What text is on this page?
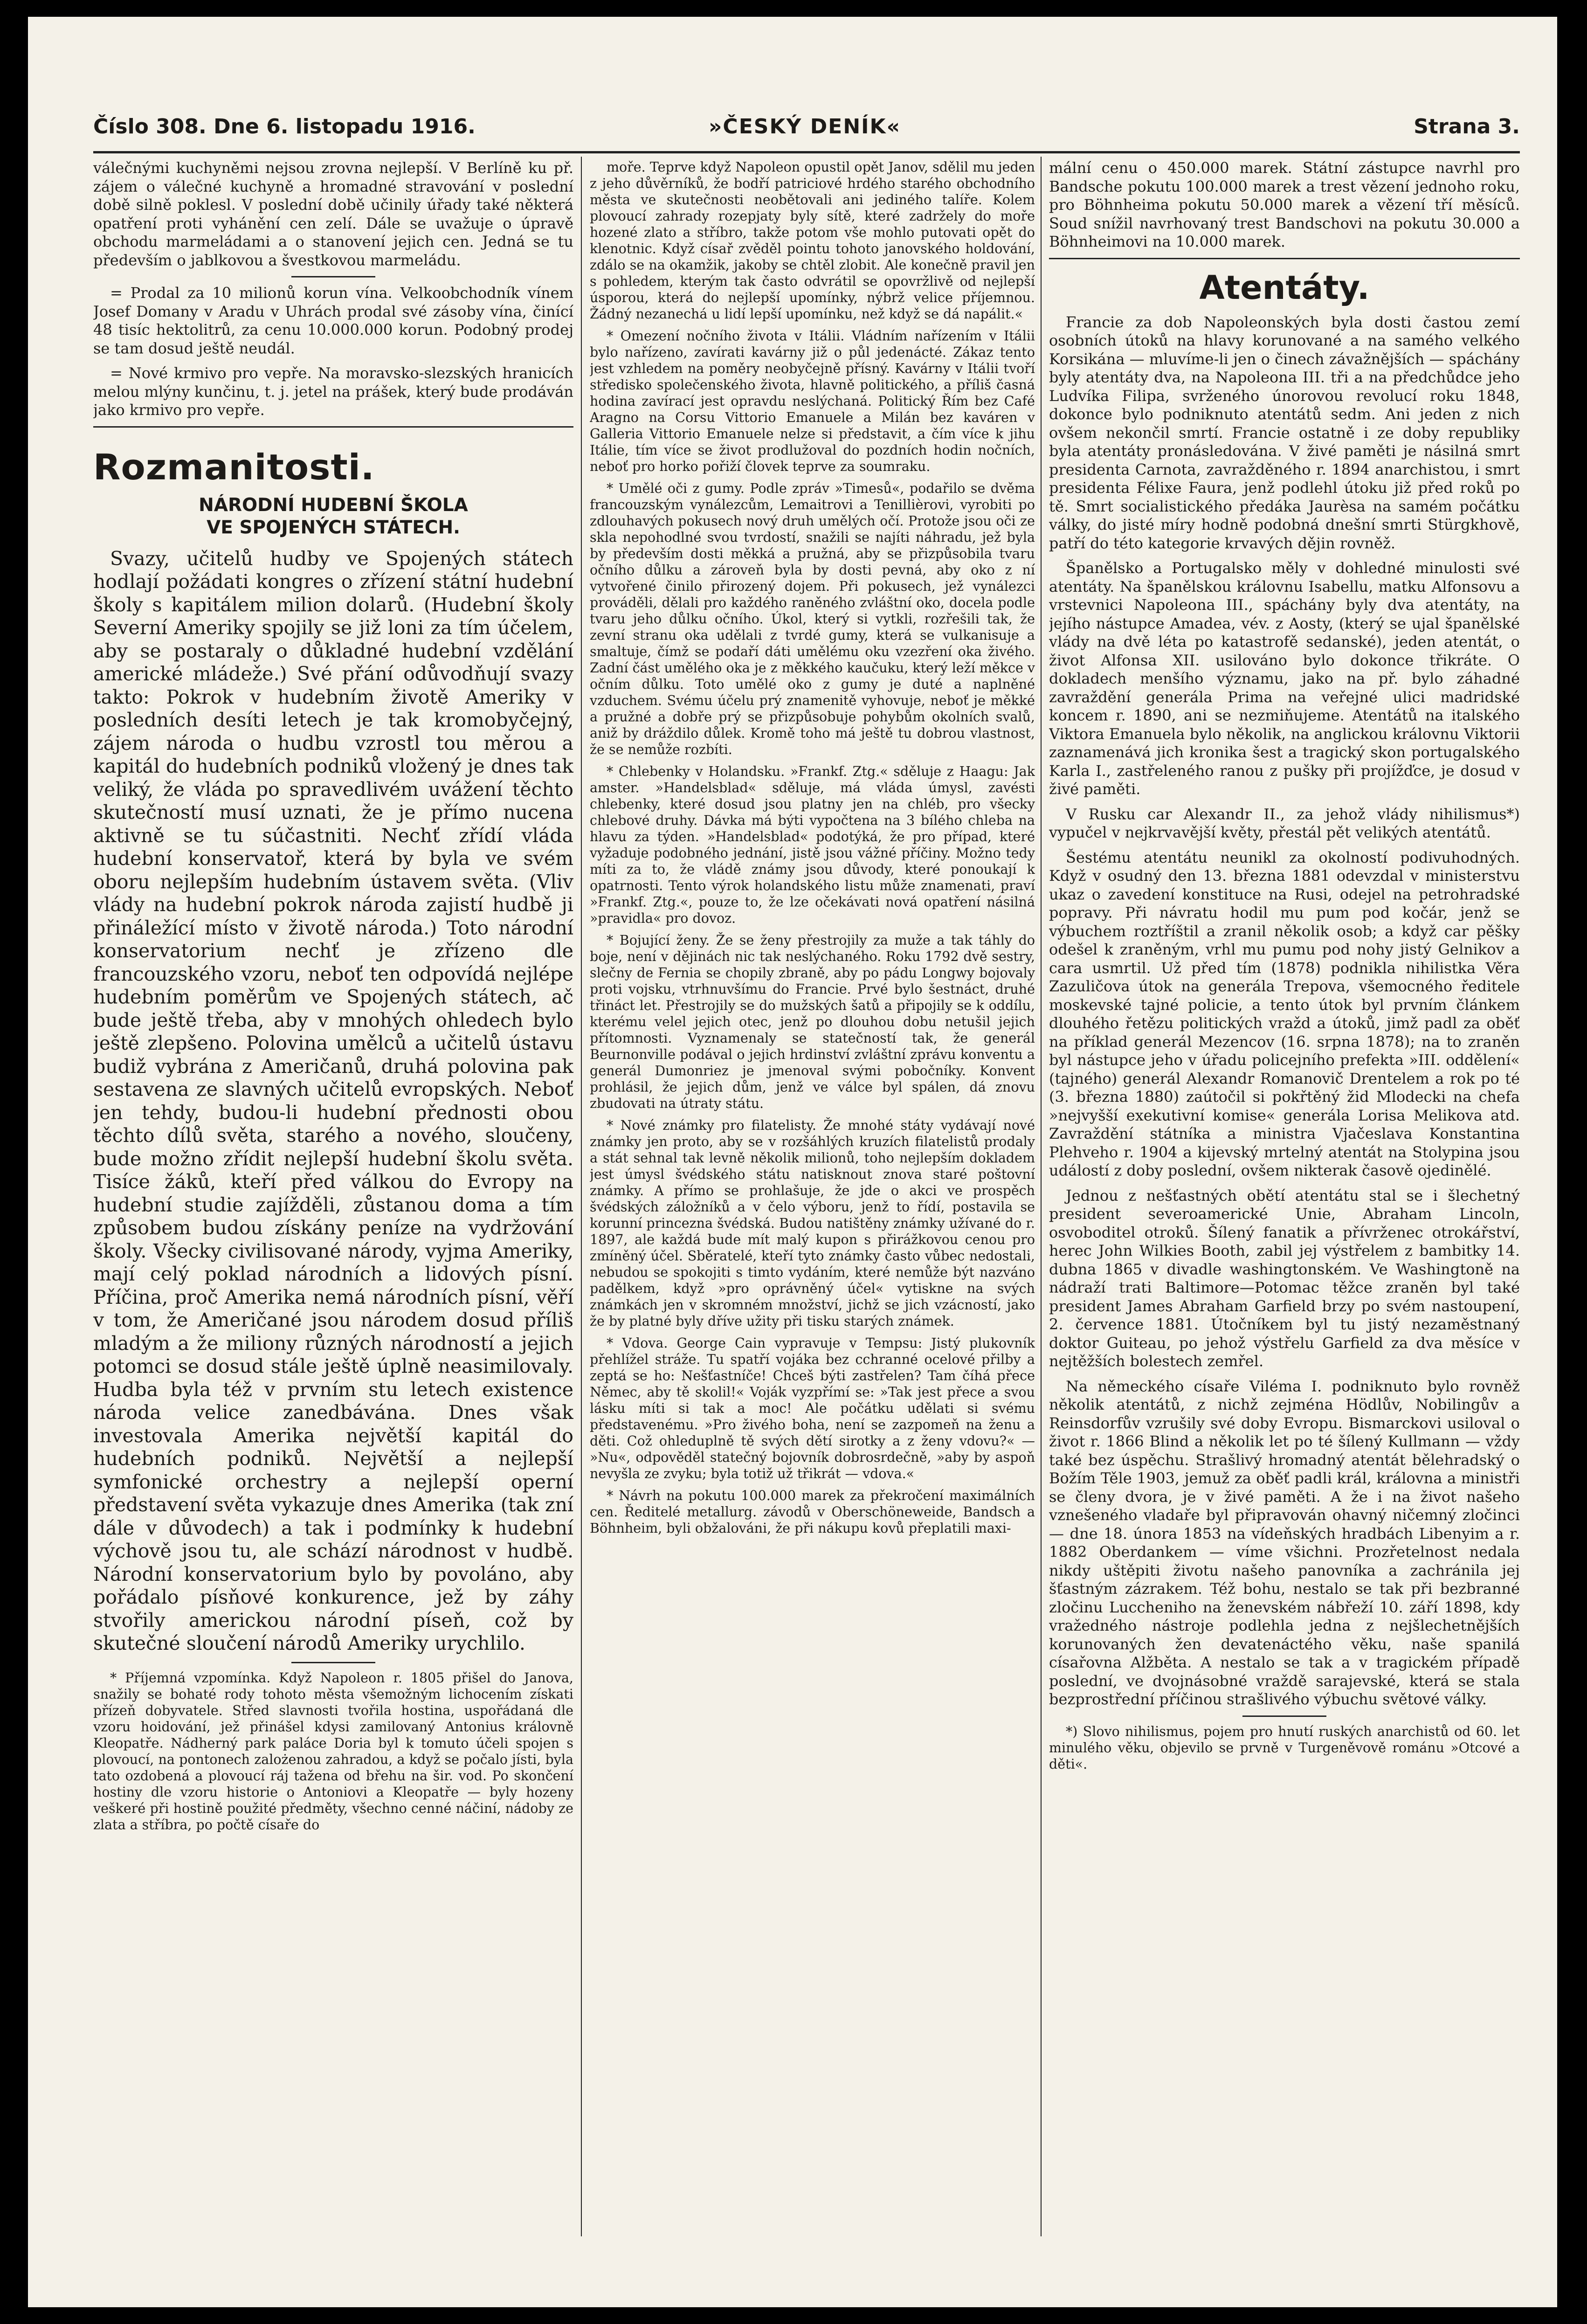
Číslo 308. Dne 6. listopadu 1916.	»ČESKÝ DENÍK«	Strana 3.

válečnými kuchyněmi nejsou zrovna nejlepší. V Berlíně ku př. zájem o válečné kuchyně a hromadné stravování v poslední době silně poklesl. V poslední době učinily úřady také některá opatření proti vyhánění cen zelí. Dále se uvažuje o úpravě obchodu marmeládami a o stanovení jejich cen. Jedná se tu především o jablkovou a švestkovou marmeládu.

= Prodal za 10 milionů korun vína. Velkoobchodník vínem Josef Domany v Aradu v Uhrách prodal své zásoby vína, činící 48 tisíc hektolitrů, za cenu 10.000.000 korun. Podobný prodej se tam dosud ještě neudál.

= Nové krmivo pro vepře. Na moravsko-slezských hranicích melou mlýny kunčinu, t. j. jetel na prášek, který bude prodáván jako krmivo pro vepře.

Rozmanitosti.
NÁRODNÍ HUDEBNÍ ŠKOLA
VE SPOJENÝCH STÁTECH.

Svazy, učitelů hudby ve Spojených státech hodlají požádati kongres o zřízení státní hudební školy s kapitálem milion dolarů. (Hudební školy Severní Ameriky spojily se již loni za tím účelem, aby se postaraly o důkladné hudební vzdělání americké mládeže.) Své přání odůvodňují svazy takto: Pokrok v hudebním životě Ameriky v posledních desíti letech je tak kromobyčejný, zájem národa o hudbu vzrostl tou měrou a kapitál do hudebních podniků vložený je dnes tak veliký, že vláda po spravedlivém uvážení těchto skutečností musí uznati, že je přímo nucena aktivně se tu súčastniti. Nechť zřídí vláda hudební konservatoř, která by byla ve svém oboru nejlepším hudebním ústavem světa. (Vliv vlády na hudební pokrok národa zajistí hudbě ji přináležící místo v životě národa.) Toto národní konservatorium nechť je zřízeno dle francouzského vzoru, neboť ten odpovídá nejlépe hudebním poměrům ve Spojených státech, ač bude ještě třeba, aby v mnohých ohledech bylo ještě zlepšeno. Polovina umělců a učitelů ústavu budiž vybrána z Američanů, druhá polovina pak sestavena ze slavných učitelů evropských. Neboť jen tehdy, budou-li hudební přednosti obou těchto dílů světa, starého a nového, sloučeny, bude možno zřídit nejlepší hudební školu světa. Tisíce žáků, kteří před válkou do Evropy na hudební studie zajížděli, zůstanou doma a tím způsobem budou získány peníze na vydržování školy. Všecky civilisované národy, vyjma Ameriky, mají celý poklad národních a lidových písní. Příčina, proč Amerika nemá národních písní, věří v tom, že Američané jsou národem dosud příliš mladým a že miliony různých národností a jejich potomci se dosud stále ještě úplně neasimilovaly. Hudba byla též v prvním stu letech existence národa velice zanedbávána. Dnes však investovala Amerika největší kapitál do hudebních podniků. Největší a nejlepší symfonické orchestry a nejlepší operní představení světa vykazuje dnes Amerika (tak zní dále v důvodech) a tak i podmínky k hudební výchově jsou tu, ale schází národnost v hudbě. Národní konservatorium bylo by povoláno, aby pořádalo písňové konkurence, jež by záhy stvořily americkou národní píseň, což by skutečné sloučení národů Ameriky urychlilo.

* Příjemná vzpomínka. Když Napoleon r. 1805 přišel do Janova, snažily se bohaté rody tohoto města všemožným lichocením získati přízeň dobyvatele. Střed slavnosti tvořila hostina, uspořádaná dle vzoru hoidování, jež přinášel kdysi zamilovaný Antonius královně Kleopatře. Nádherný park paláce Doria byl k tomuto účeli spojen s plovoucí, na pontonech zalożenou zahradou, a když se počalo jísti, byla tato ozdobená a plovoucí ráj tažena od břehu na šir. vod. Po skončení hostiny dle vzoru historie o Antoniovi a Kleopatře — byly hozeny veškeré při hostině použité předměty, všechno cenné náčiní, nádoby ze zlata a stříbra, po počtě císaře do

moře. Teprve když Napoleon opustil opět Janov, sdělil mu jeden z jeho důvěrníků, že bodří patriciové hrdého starého obchodního města ve skutečnosti neobětovali ani jediného talíře. Kolem plovoucí zahrady rozepjaty byly sítě, které zadržely do moře hozené zlato a stříbro, takže potom vše mohlo putovati opět do klenotnic. Když císař zvěděl pointu tohoto janovského holdování, zdálo se na okamžik, jakoby se chtěl zlobit. Ale konečně pravil jen s pohledem, kterým tak často odvrátil se opovržlivě od nejlepší úsporou, která do nejlepší upomínky, nýbrž velice příjemnou. Žádný nezanechá u lidí lepší upomínku, než když se dá napálit.«

* Omezení nočního života v Itálii. Vládním nařízením v Itálii bylo nařízeno, zavírati kavárny již o půl jedenácté. Zákaz tento jest vzhledem na poměry neobyčejně přísný. Kavárny v Itálii tvoří středisko společenského života, hlavně politického, a příliš časná hodina zavírací jest opravdu neslýchaná. Politický Řím bez Café Aragno na Corsu Vittorio Emanuele a Milán bez kaváren v Galleria Vittorio Emanuele nelze si představit, a čím více k jihu Itálie, tím více se život prodlužoval do pozdních hodin nočních, neboť pro horko pořiží človek teprve za soumraku.

* Umělé oči z gumy. Podle zpráv »Timesů«, podařilo se dvěma francouzským vynálezcům, Lemaitrovi a Tenillièrovi, vyrobiti po zdlouhavých pokusech nový druh umělých očí. Protože jsou oči ze skla nepohodlné svou tvrdostí, snažili se najíti náhradu, jež byla by především dosti měkká a pružná, aby se přizpůsobila tvaru očního důlku a zároveň byla by dosti pevná, aby oko z ní vytvořené činilo přirozený dojem. Při pokusech, jež vynálezci prováděli, dělali pro každého raněného zvláštní oko, docela podle tvaru jeho důlku očního. Úkol, který si vytkli, rozřešili tak, že zevní stranu oka udělali z tvrdé gumy, která se vulkanisuje a smaltuje, čímž se podaří dáti umělému oku vzezření oka živého. Zadní část umělého oka je z měkkého kaučuku, který leží měkce v očním důlku. Toto umělé oko z gumy je duté a naplněné vzduchem. Svému účelu prý znamenitě vyhovuje, neboť je měkké a pružné a dobře prý se přizpůsobuje pohybům okolních svalů, aniž by dráždilo důlek. Kromě toho má ještě tu dobrou vlastnost, že se nemůže rozbíti.

* Chlebenky v Holandsku. »Frankf. Ztg.« sděluje z Haagu: Jak amster. »Handelsblad« sděluje, má vláda úmysl, zavésti chlebenky, které dosud jsou platny jen na chléb, pro všecky chlebové druhy. Dávka má býti vypočtena na 3 bílého chleba na hlavu za týden. »Handelsblad« podotýká, že pro případ, které vyžaduje podobného jednání, jistě jsou vážné příčiny. Možno tedy míti za to, že vládě známy jsou důvody, které ponoukají k opatrnosti. Tento výrok holandského listu může znamenati, praví »Frankf. Ztg.«, pouze to, že lze očekávati nová opatření násilná »pravidla« pro dovoz.

* Bojující ženy. Že se ženy přestrojily za muže a tak táhly do boje, není v dějinách nic tak neslýchaného. Roku 1792 dvě sestry, slečny de Fernia se chopily zbraně, aby po pádu Longwy bojovaly proti vojsku, vtrhnuvšímu do Francie. Prvé bylo šestnáct, druhé třináct let. Přestrojily se do mužských šatů a připojily se k oddílu, kterému velel jejich otec, jenž po dlouhou dobu netušil jejich přítomnosti. Vyznamenaly se statečností tak, že generál Beurnonville podával o jejich hrdinství zvláštní zprávu konventu a generál Dumonriez je jmenoval svými pobočníky. Konvent prohlásil, že jejich dům, jenž ve válce byl spálen, dá znovu zbudovati na útraty státu.

* Nové známky pro filatelisty. Že mnohé státy vydávají nové známky jen proto, aby se v rozšáhlých kruzích filatelistů prodaly a stát sehnal tak levně několik milionů, toho nejlepším dokladem jest úmysl švédského státu natisknout znova staré poštovní známky. A přímo se prohlašuje, že jde o akci ve prospěch švédských záložníků a v čelo výboru, jenž to řídí, postavila se korunní princezna švédská. Budou natištěny známky užívané do r. 1897, ale každá bude mít malý kupon s přirážkovou cenou pro zmíněný účel. Sběratelé, kteří tyto známky často vůbec nedostali, nebudou se spokojiti s timto vydáním, které nemůže být nazváno padělkem, když »pro oprávněný účel« vytiskne na svých známkách jen v skromném množství, jichž se jich vzácností, jako že by platné byly dříve užity při tisku starých známek.

* Vdova. George Cain vypravuje v Tempsu: Jistý plukovník přehlížel stráže. Tu spatří vojáka bez cchranné ocelové přilby a zeptá se ho: Nešťastníče! Chceš býti zastřelen? Tam číhá přece Němec, aby tě skolil!« Voják vyzpřímí se: »Tak jest přece a svou lásku míti si tak a moc! Ale počátku udělati si svému představenému. »Pro živého boha, není se zazpomeň na ženu a děti. Což ohleduplně tě svých dětí sirotky a z ženy vdovu?« — »Nu«, odpověděl statečný bojovník dobrosrdečně, »aby by aspoň nevyšla ze zvyku; byla totiž už třikrát — vdova.«

* Návrh na pokutu 100.000 marek za překročení maximálních cen. Ředitelé metallurg. závodů v Oberschöneweide, Bandsch a Böhnheim, byli obžalováni, že při nákupu kovů přeplatili maxi-

mální cenu o 450.000 marek. Státní zástupce navrhl pro Bandsche pokutu 100.000 marek a trest vězení jednoho roku, pro Böhnheima pokutu 50.000 marek a vězení tří měsíců. Soud snížil navrhovaný trest Bandschovi na pokutu 30.000 a Böhnheimovi na 10.000 marek.

Atentáty.

Francie za dob Napoleonských byla dosti častou zemí osobních útoků na hlavy korunované a na samého velkého Korsikána — mluvíme-li jen o činech závažnějších — spáchány byly atentáty dva, na Napoleona III. tři a na předchůdce jeho Ludvíka Filipa, svrženého únorovou revolucí roku 1848, dokonce bylo podniknuto atentátů sedm. Ani jeden z nich ovšem nekončil smrtí. Francie ostatně i ze doby republiky byla atentáty pronásledována. V živé paměti je násilná smrt presidenta Carnota, zavražděného r. 1894 anarchistou, i smrt presidenta Félixe Faura, jenž podlehl útoku již před roků po tě. Smrt socialistického předáka Jaurèsa na samém počátku války, do jisté míry hodně podobná dnešní smrti Stürgkhově, patří do této kategorie krvavých dějin rovněž.

Španělsko a Portugalsko měly v dohledné minulosti své atentáty. Na španělskou královnu Isabellu, matku Alfonsovu a vrstevnici Napoleona III., spáchány byly dva atentáty, na jejího nástupce Amadea, vév. z Aosty, (který se ujal španělské vlády na dvě léta po katastrofě sedanské), jeden atentát, o život Alfonsa XII. usilováno bylo dokonce třikráte. O dokladech menšího významu, jako na př. bylo záhadné zavraždění generála Prima na veřejné ulici madridské koncem r. 1890, ani se nezmiňujeme. Atentátů na italského Viktora Emanuela bylo několik, na anglickou královnu Viktorii zaznamenává jich kronika šest a tragický skon portugalského Karla I., zastřeleného ranou z pušky při projížďce, je dosud v živé paměti.

V Rusku car Alexandr II., za jehož vlády nihilismus*) vypučel v nejkrvavější květy, přestál pět velikých atentátů.

Šestému atentátu neunikl za okolností podivuhodných. Když v osudný den 13. března 1881 odevzdal v ministerstvu ukaz o zavedení konstituce na Rusi, odejel na petrohradské popravy. Při návratu hodil mu pum pod kočár, jenž se výbuchem roztříštil a zranil několik osob; a když car pěšky odešel k zraněným, vrhl mu pumu pod nohy jistý Gelnikov a cara usmrtil. Už před tím (1878) podnikla nihilistka Věra Zazuličova útok na generála Trepova, všemocného ředitele moskevské tajné policie, a tento útok byl prvním článkem dlouhého řetězu politických vražd a útoků, jimž padl za oběť na příklad generál Mezencov (16. srpna 1878); na to zraněn byl nástupce jeho v úřadu policejního prefekta »III. oddělení« (tajného) generál Alexandr Romanovič Drentelem a rok po té (3. března 1880) zaútočil si pokřtěný žid Mlodecki na chefa »nejvyšší exekutivní komise« generála Lorisa Melikova atd. Zavraždění státníka a ministra Vjačeslava Konstantina Plehveho r. 1904 a kijevský mrtelný atentát na Stolypina jsou událostí z doby poslední, ovšem nikterak časově ojedinělé.

Jednou z nešťastných obětí atentátu stal se i šlechetný president severoamerické Unie, Abraham Lincoln, osvoboditel otroků. Šílený fanatik a přívrženec otrokářství, herec John Wilkies Booth, zabil jej výstřelem z bambitky 14. dubna 1865 v divadle washingtonském. Ve Washingtoně na nádraží trati Baltimore—Potomac těžce zraněn byl také president James Abraham Garfield brzy po svém nastoupení, 2. července 1881. Útočníkem byl tu jistý nezaměstnaný doktor Guiteau, po jehož výstřelu Garfield za dva měsíce v nejtěžších bolestech zemřel.

Na německého císaře Viléma I. podniknuto bylo rovněž několik atentátů, z nichž zejména Hödlův, Nobilingův a Reinsdorfův vzrušily své doby Evropu. Bismarckovi usiloval o život r. 1866 Blind a několik let po té šílený Kullmann — vždy také bez úspěchu. Strašlivý hromadný atentát bělehradský o Božím Těle 1903, jemuž za oběť padli král, královna a ministři se členy dvora, je v živé paměti. A že i na život našeho vznešeného vladaře byl připravován ohavný ničemný zločinci — dne 18. února 1853 na vídeňských hradbách Libenyim a r. 1882 Oberdankem — víme všichni. Prozřetelnost nedala nikdy uštěpiti životu našeho panovníka a zachránila jej šťastným zázrakem. Též bohu, nestalo se tak při bezbranné zločinu Luccheniho na ženevském nábřeží 10. září 1898, kdy vražedného nástroje podlehla jedna z nejšlechetnějších korunovaných žen devatenáctého věku, naše spanilá císařovna Alžběta. A nestalo se tak a v tragickém případě poslední, ve dvojnásobné vraždě sarajevské, která se stala bezprostřední příčinou strašlivého výbuchu světové války.

*) Slovo nihilismus, pojem pro hnutí ruských anarchistů od 60. let minulého věku, objevilo se prvně v Turgeněvově románu »Otcové a děti«.
